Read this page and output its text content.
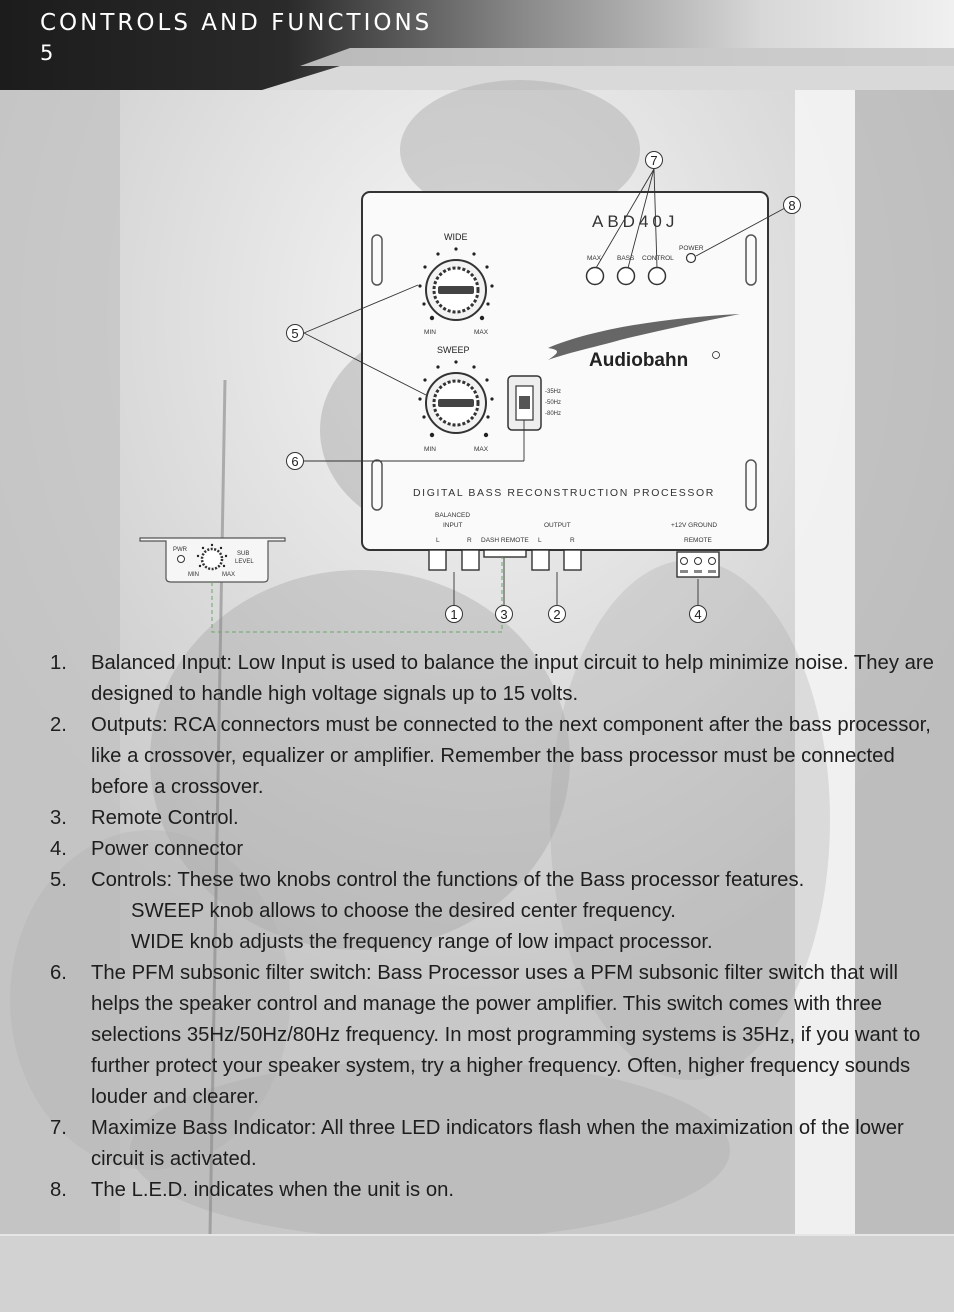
CONTROLS AND FUNCTIONS
5
ABD40J
WIDE
MIN	MAX
SWEEP
MIN	MAX
-35Hz
-50Hz
-80Hz
MAX BASS CONTROL
POWER
Audiobahn
DIGITAL BASS RECONSTRUCTION PROCESSOR
BALANCED
INPUT
L	R DASH REMOTE
OUTPUT
L	R
+12V GROUND
REMOTE
PWR
SUB
LEVEL
MIN	MAX
1	3	2	4
5
6
7
8
1. Balanced Input: Low Input is used to balance the input circuit to help minimize noise. They are designed to handle high voltage signals up to 15 volts.
2. Outputs: RCA connectors must be connected to the next component after the bass processor, like a crossover, equalizer or amplifier. Remember the bass processor must be connected before a crossover.
3. Remote Control.
4. Power connector
5. Controls: These two knobs control the functions of the Bass processor features.
SWEEP knob allows to choose the desired center frequency.
WIDE knob adjusts the frequency range of low impact processor.
6. The PFM subsonic filter switch: Bass Processor uses a PFM subsonic filter switch that will helps the speaker control and manage the power amplifier. This switch comes with three selections 35Hz/50Hz/80Hz frequency. In most programming systems is 35Hz, if you want to further protect your speaker system, try a higher frequency. Often, higher frequency sounds louder and clearer.
7. Maximize Bass Indicator: All three LED indicators flash when the maximization of the lower circuit is activated.
8. The L.E.D. indicates when the unit is on.
